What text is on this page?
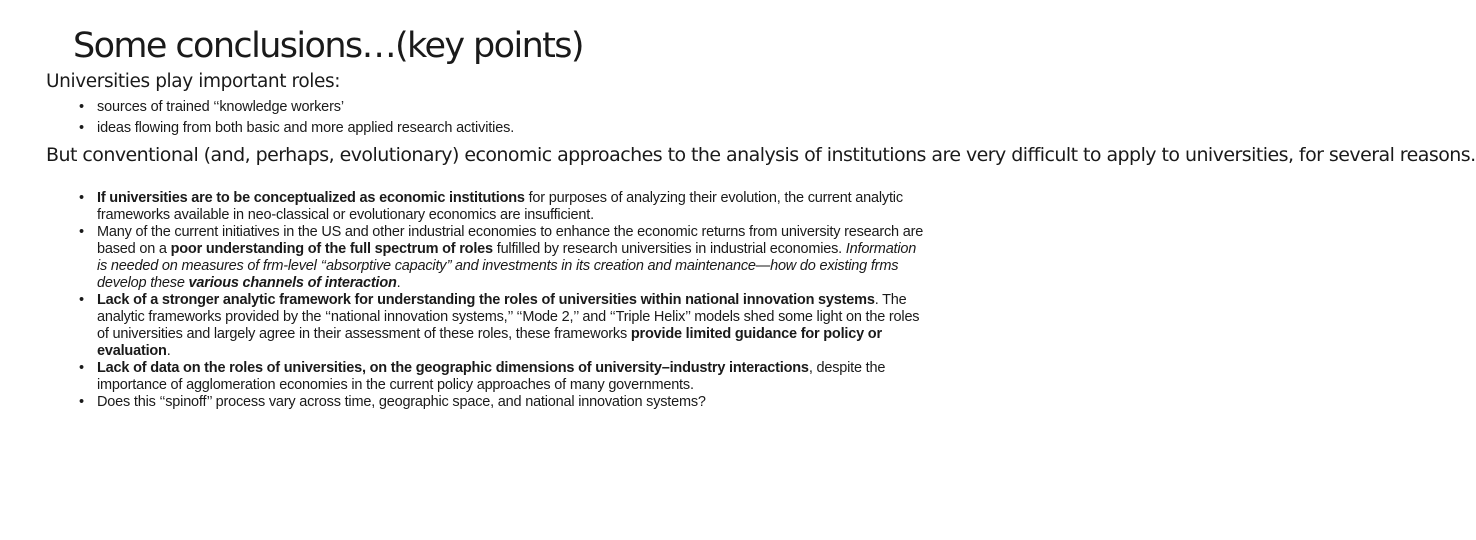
Some conclusions…(key points)

Universities play important roles:

• sources of trained ‘‘knowledge workers’
• ideas flowing from both basic and more applied research activities.

But conventional (and, perhaps, evolutionary) economic approaches to the analysis of institutions are very difficult to apply to universities, for several reasons.

• If universities are to be conceptualized as economic institutions for purposes of analyzing their evolution, the current analytic frameworks available in neo-classical or evolutionary economics are insufficient.
• Many of the current initiatives in the US and other industrial economies to enhance the economic returns from university research are based on a poor understanding of the full spectrum of roles fulfilled by research universities in industrial economies. Information is needed on measures of frm-level ‘‘absorptive capacity’’ and investments in its creation and maintenance—how do existing frms develop these various channels of interaction.
• Lack of a stronger analytic framework for understanding the roles of universities within national innovation systems. The analytic frameworks provided by the ‘‘national innovation systems,’’ ‘‘Mode 2,’’ and ‘‘Triple Helix’’ models shed some light on the roles of universities and largely agree in their assessment of these roles, these frameworks provide limited guidance for policy or evaluation.
• Lack of data on the roles of universities, on the geographic dimensions of university–industry interactions, despite the importance of agglomeration economies in the current policy approaches of many governments.
• Does this ‘‘spinoff’’ process vary across time, geographic space, and national innovation systems?
